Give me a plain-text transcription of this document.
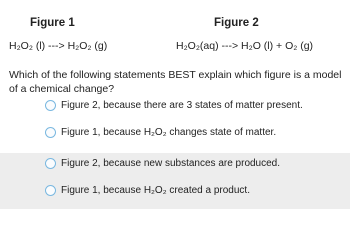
Figure 1	Figure 2
H₂O₂ (l) ---> H₂O₂ (g)	H₂O₂(aq) ---> H₂O (l) + O₂ (g)
Which of the following statements BEST explain which figure is a model of a chemical change?
Figure 2, because there are 3 states of matter present.
Figure 1, because H₂O₂ changes state of matter.
Figure 2, because new substances are produced.
Figure 1, because H₂O₂ created a product.
